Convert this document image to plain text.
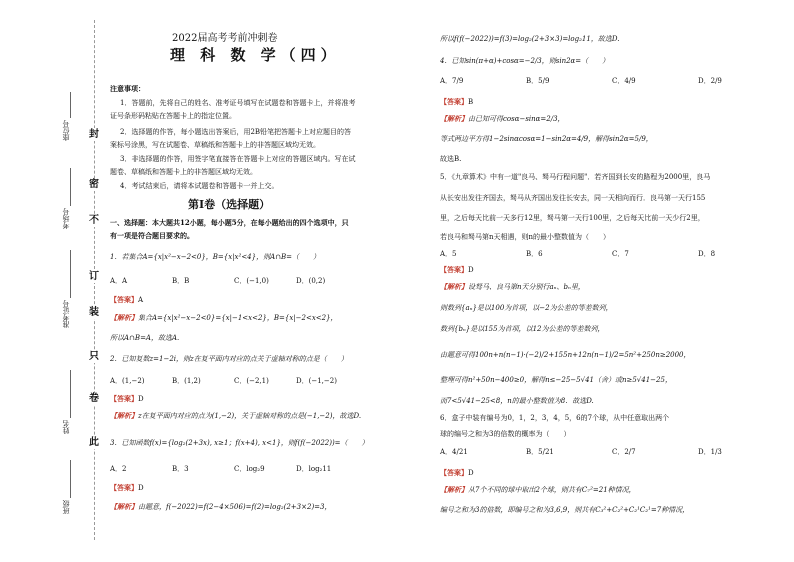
封
密
不
订
装
只
卷
此
座位号
考场号
准考证号
姓名
班级
2022届高考考前冲刺卷
理 科 数 学（四）
注意事项：
1．答题前，先将自己的姓名、准考证号填写在试题卷和答题卡上，并将准考
证号条形码粘贴在答题卡上的指定位置。
2．选择题的作答，每小题选出答案后，用2B铅笔把答题卡上对应题目的答
案标号涂黑，写在试题卷、草稿纸和答题卡上的非答题区域均无效。
3．非选择题的作答，用签字笔直接答在答题卡上对应的答题区域内。写在试
题卷、草稿纸和答题卡上的非答题区域均无效。
4．考试结束后，请将本试题卷和答题卡一并上交。
第Ⅰ卷（选择题）
一、选择题：本大题共12小题，每小题5分，在每小题给出的四个选项中，只
有一项是符合题目要求的。
1．若集合A={x|x²−x−2<0}，B={x|x²<4}，则A∩B=（　　）
A．A	B．B	C．(−1,0)	D．(0,2)
【答案】A
【解析】集合A={x|x²−x−2<0}={x|−1<x<2}，B={x|−2<x<2}，
所以A∩B=A，故选A.
2．已知复数z=1−2i，则z在复平面内对应的点关于虚轴对称的点是（　　）
A．(1,−2)	B．(1,2)	C．(−2,1)	D．(−1,−2)
【答案】D
【解析】z在复平面内对应的点为(1,−2)，关于虚轴对称的点是(−1,−2)，故选D.
3．已知函数f(x)={log₂(2+3x), x≥1；f(x+4), x<1}，则f(f(−2022))=（　　）
A．2	B．3	C．log₂9	D．log₂11
【答案】D
【解析】由题意，f(−2022)=f(2−4×506)=f(2)=log₂(2+3×2)=3，
所以f(f(−2022))=f(3)=log₂(2+3×3)=log₂11，故选D.
4．已知sin(π+α)+cosα=−2/3，则sin2α=（　　）
A．7/9	B．5/9	C．4/9	D．2/9
【答案】B
【解析】由已知可得cosα−sinα=2/3，
等式两边平方得1−2sinαcosα=1−sin2α=4/9，解得sin2α=5/9，
故选B.
5．《九章算术》中有一道"良马、驽马行程问题"．若齐国到长安的路程为2000里，良马
从长安出发往齐国去，驽马从齐国出发往长安去，同一天相向而行．良马第一天行155
里，之后每天比前一天多行12里，驽马第一天行100里，之后每天比前一天少行2里，
若良马和驽马第n天相遇，则n的最小整数值为（　　）
A．5	B．6	C．7	D．8
【答案】D
【解析】设驽马、良马第n天分别行aₙ、bₙ里，
则数列{aₙ}是以100为首项，以−2为公差的等差数列，
数列{bₙ}是以155为首项，以12为公差的等差数列，
由题意可得100n+n(n−1)·(−2)/2+155n+12n(n−1)/2=5n²+250n≥2000，
整理可得n²+50n−400≥0，解得n≤−25−5√41（舍）或n≥5√41−25，
而7<5√41−25<8，n的最小整数值为8．故选D.
6．盒子中装有编号为0，1，2，3，4，5，6的7个球，从中任意取出两个
球的编号之和为3的倍数的概率为（　　）
A．4/21	B．5/21	C．2/7	D．1/3
【答案】D
【解析】从7个不同的球中取出2个球，则共有C₇²=21种情况，
编号之和为3的倍数，即编号之和为3,6,9，则共有C₃²+C₂²+C₂¹C₂¹=7种情况，
